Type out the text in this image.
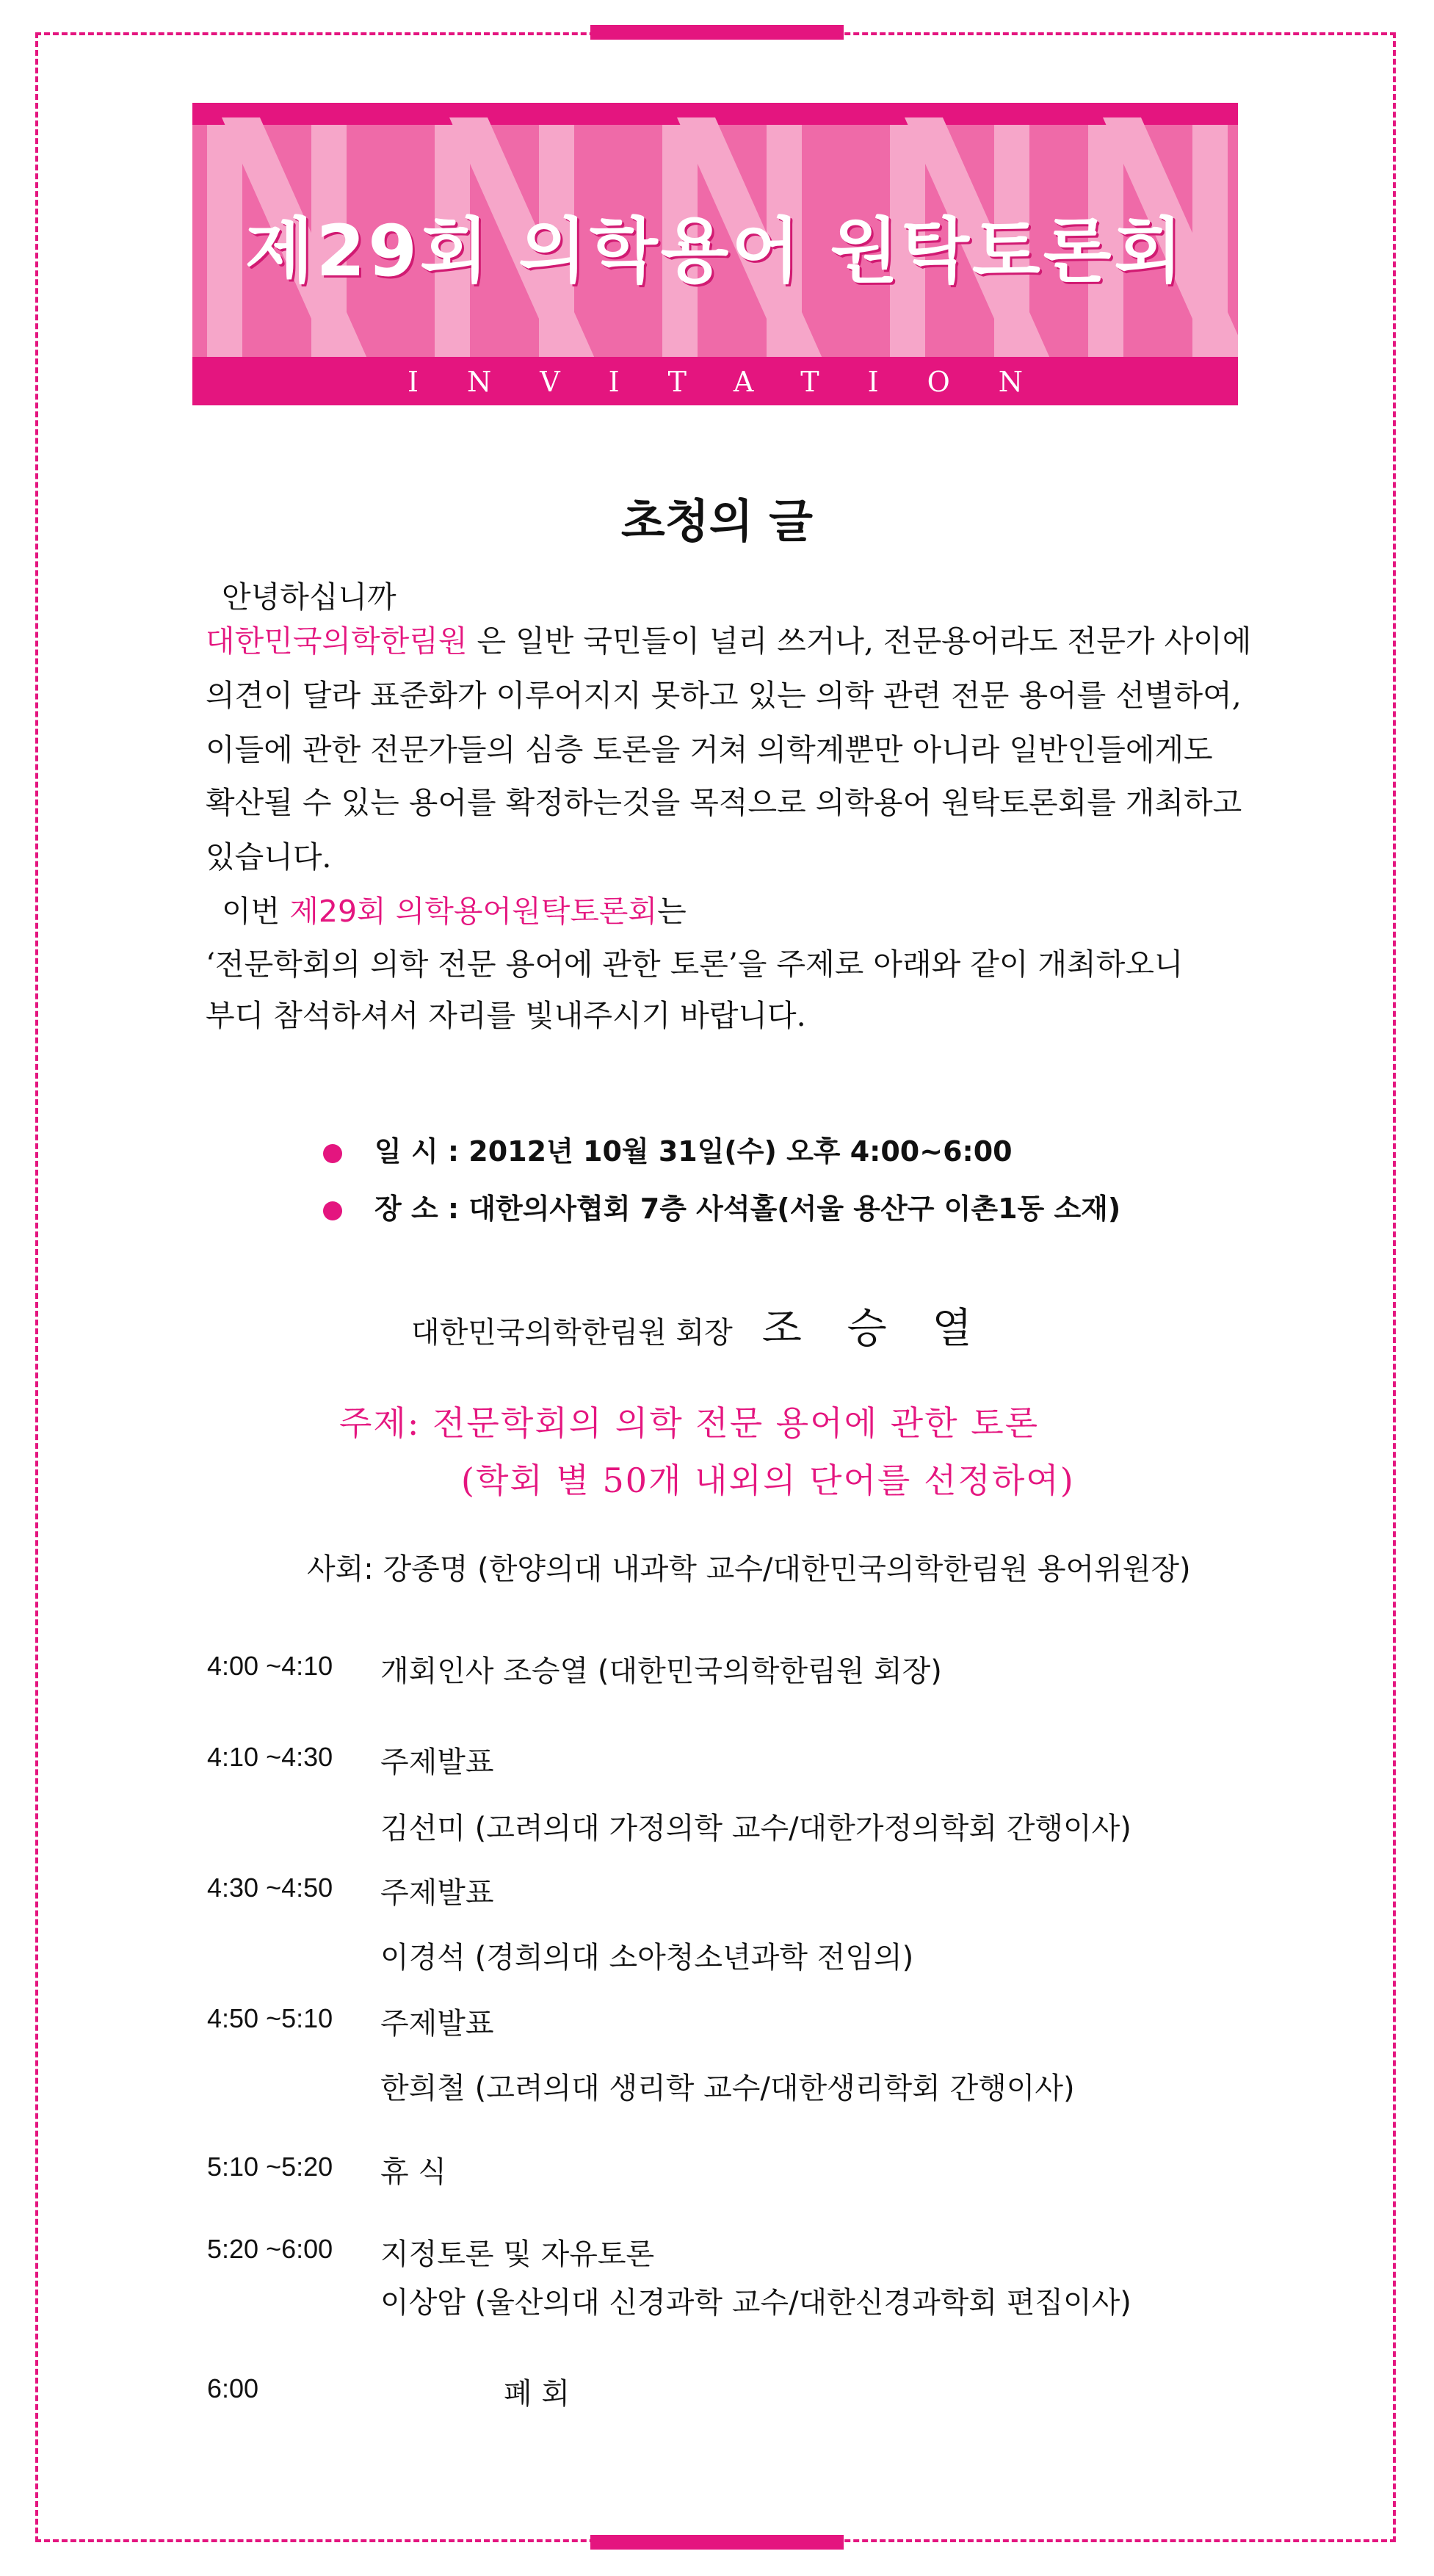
제29회 의학용어 원탁토론회
INVITATION
초청의 글

안녕하십니까

대한민국의학한림원 은 일반 국민들이 널리 쓰거나, 전문용어라도 전문가 사이에

의견이 달라 표준화가 이루어지지 못하고 있는 의학 관련 전문 용어를 선별하여,

이들에 관한 전문가들의 심층 토론을 거쳐 의학계뿐만 아니라 일반인들에게도

확산될 수 있는 용어를 확정하는것을 목적으로 의학용어 원탁토론회를 개최하고

있습니다.

이번 제29회 의학용어원탁토론회는

‘전문학회의 의학 전문 용어에 관한 토론’을 주제로 아래와 같이 개최하오니

부디 참석하셔서 자리를 빛내주시기 바랍니다.

일 시 : 2012년 10월 31일(수) 오후 4:00~6:00
장 소 : 대한의사협회 7층 사석홀(서울 용산구 이촌1동 소재)
대한민국의학한림원 회장 조 승 열
주제: 전문학회의 의학 전문 용어에 관한 토론
(학회 별 50개 내외의 단어를 선정하여)
사회: 강종명 (한양의대 내과학 교수/대한민국의학한림원 용어위원장)
4:00 ~4:10 개회인사 조승열 (대한민국의학한림원 회장)
4:10 ~4:30 주제발표
김선미 (고려의대 가정의학 교수/대한가정의학회 간행이사)
4:30 ~4:50 주제발표
이경석 (경희의대 소아청소년과학 전임의)
4:50 ~5:10 주제발표
한희철 (고려의대 생리학 교수/대한생리학회 간행이사)
5:10 ~5:20 휴 식
5:20 ~6:00 지정토론 및 자유토론
이상암 (울산의대 신경과학 교수/대한신경과학회 편집이사)
6:00	폐 회
